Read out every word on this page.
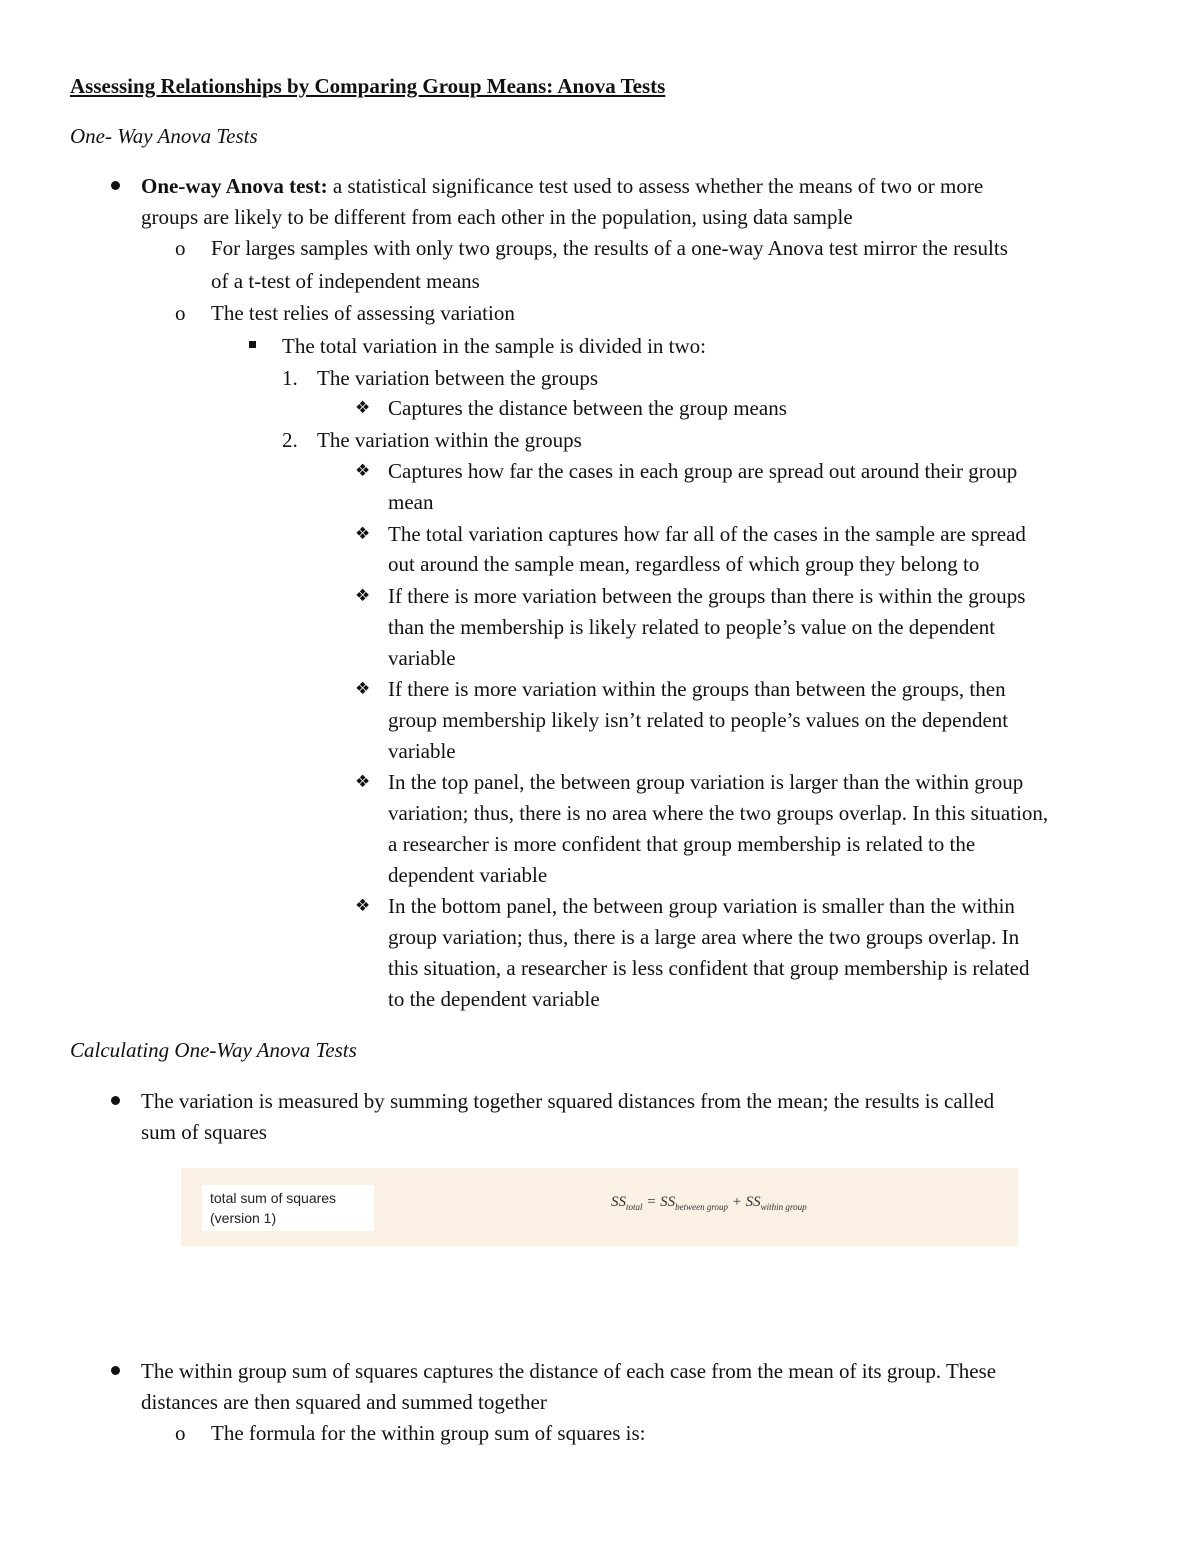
Assessing Relationships by Comparing Group Means: Anova Tests
One- Way Anova Tests
One-way Anova test: a statistical significance test used to assess whether the means of two or more
groups are likely to be different from each other in the population, using data sample
o For larges samples with only two groups, the results of a one-way Anova test mirror the results
of a t-test of independent means
o The test relies of assessing variation
The total variation in the sample is divided in two:
1. The variation between the groups
❖ Captures the distance between the group means
2. The variation within the groups
❖ Captures how far the cases in each group are spread out around their group
mean
❖ The total variation captures how far all of the cases in the sample are spread
out around the sample mean, regardless of which group they belong to
❖ If there is more variation between the groups than there is within the groups
than the membership is likely related to people’s value on the dependent
variable
❖ If there is more variation within the groups than between the groups, then
group membership likely isn’t related to people’s values on the dependent
variable
❖ In the top panel, the between group variation is larger than the within group
variation; thus, there is no area where the two groups overlap. In this situation,
a researcher is more confident that group membership is related to the
dependent variable
❖ In the bottom panel, the between group variation is smaller than the within
group variation; thus, there is a large area where the two groups overlap. In
this situation, a researcher is less confident that group membership is related
to the dependent variable
Calculating One-Way Anova Tests
The variation is measured by summing together squared distances from the mean; the results is called
sum of squares
total sum of squares
(version 1)
$SS_{total} = SS_{between group} + SS_{within group}$
The within group sum of squares captures the distance of each case from the mean of its group. These
distances are then squared and summed together
o The formula for the within group sum of squares is:
